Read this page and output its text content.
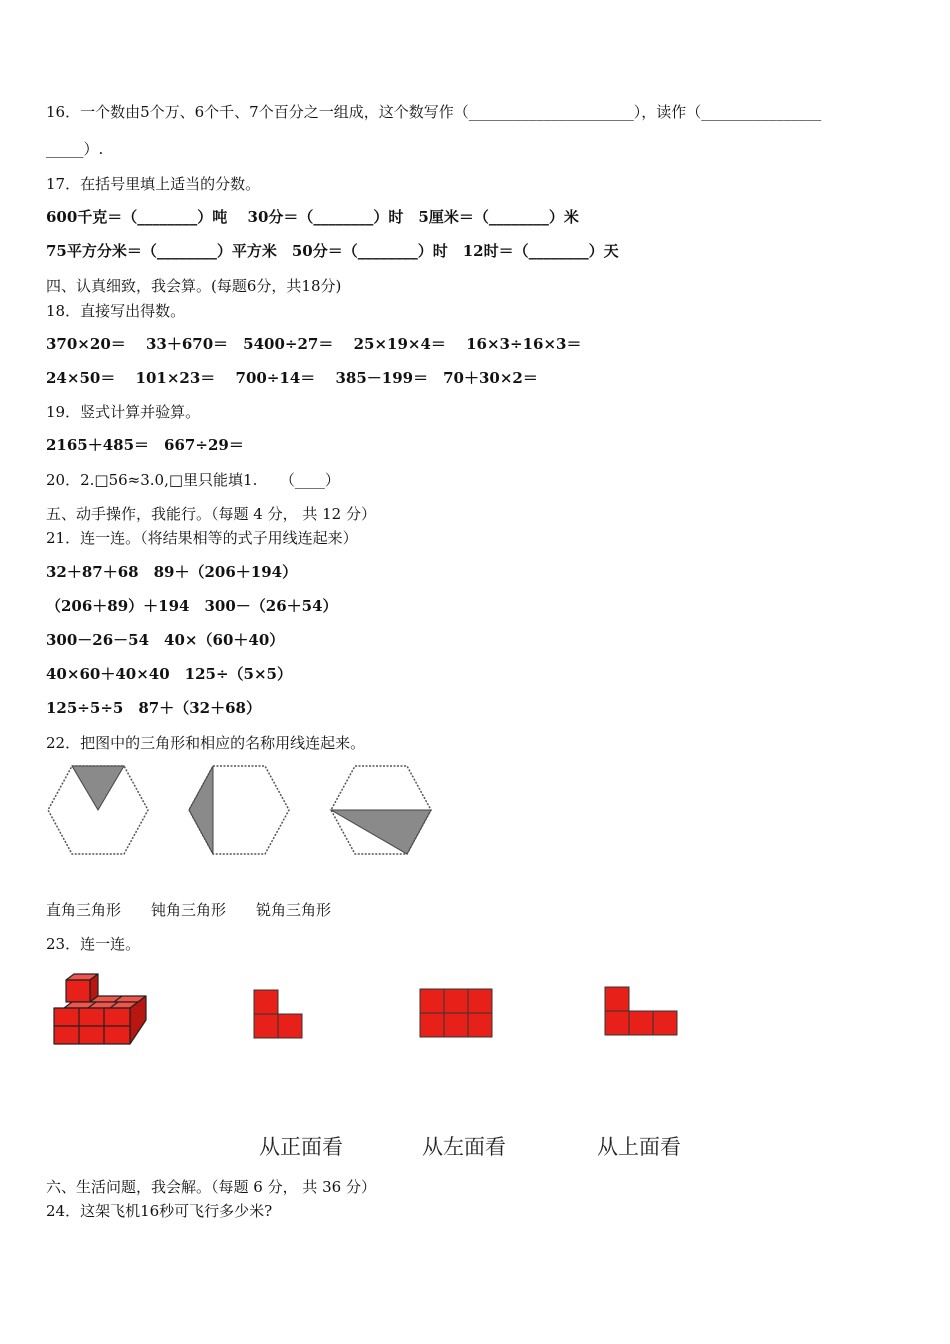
16．一个数由5个万、6个千、7个百分之一组成，这个数写作（______________________），读作（________________
_____）.
17．在括号里填上适当的分数。
600千克＝（________）吨　 30分＝（________）时　5厘米＝（________）米
75平方分米＝（________）平方米　50分＝（________）时　12时＝（________）天
四、认真细致，我会算。(每题6分，共18分)
18．直接写出得数。
370×20＝　 33＋670＝　5400÷27＝　 25×19×4＝　 16×3÷16×3＝
24×50＝　 101×23＝　 700÷14＝　 385－199＝　70＋30×2＝
19．竖式计算并验算。
2165＋485＝　667÷29＝
20．2.□56≈3.0,□里只能填1.　　（____）
五、动手操作，我能行。（每题 4 分， 共 12 分）
21．连一连。（将结果相等的式子用线连起来）
32＋87＋68　89＋（206＋194）
（206＋89）＋194　300－（26＋54）
300－26－54　40×（60＋40）
40×60＋40×40　125÷（5×5）
125÷5÷5　87＋（32＋68）
22．把图中的三角形和相应的名称用线连起来。
直角三角形　　钝角三角形　　锐角三角形
23．连一连。
从正面看	从左面看	从上面看
六、生活问题，我会解。（每题 6 分， 共 36 分）
24．这架飞机16秒可飞行多少米?
